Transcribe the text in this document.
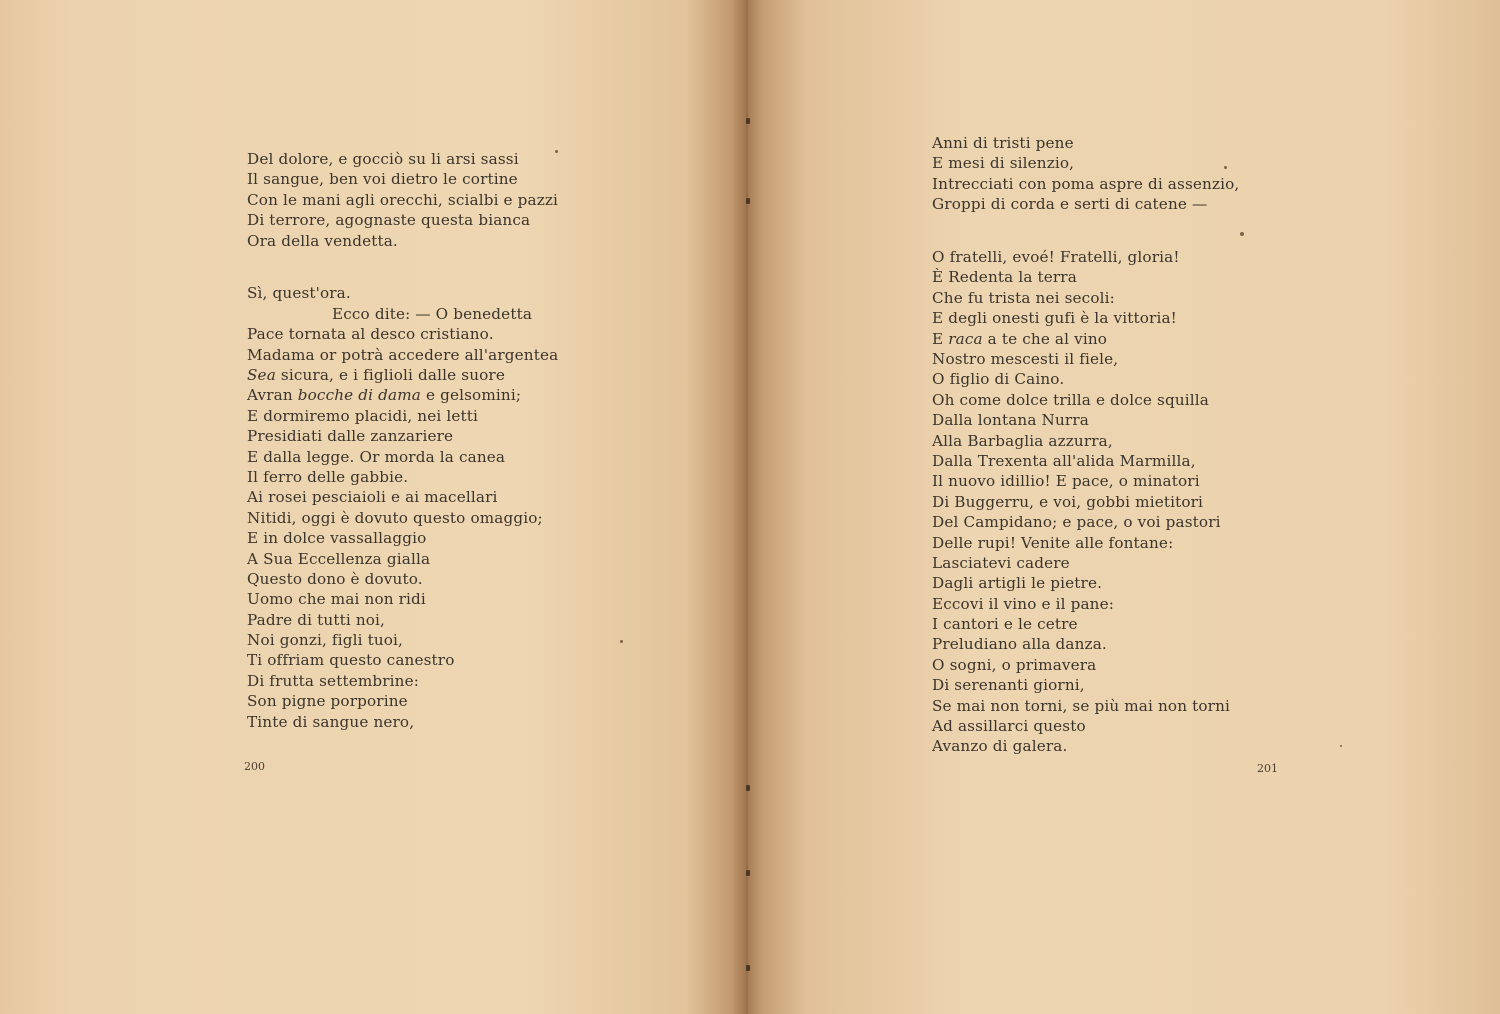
Del dolore, e gocciò su li arsi sassi
Il sangue, ben voi dietro le cortine
Con le mani agli orecchi, scialbi e pazzi
Di terrore, agognaste questa bianca
Ora della vendetta.
Sì, quest'ora.
Ecco dite: — O benedetta
Pace tornata al desco cristiano.
Madama or potrà accedere all'argentea
Sea sicura, e i figlioli dalle suore
Avran bocche di dama e gelsomini;
E dormiremo placidi, nei letti
Presidiati dalle zanzariere
E dalla legge. Or morda la canea
Il ferro delle gabbie.
Ai rosei pesciaioli e ai macellari
Nitidi, oggi è dovuto questo omaggio;
E in dolce vassallaggio
A Sua Eccellenza gialla
Questo dono è dovuto.
Uomo che mai non ridi
Padre di tutti noi,
Noi gonzi, figli tuoi,
Ti offriam questo canestro
Di frutta settembrine:
Son pigne porporine
Tinte di sangue nero,
200
Anni di tristi pene
E mesi di silenzio,
Intrecciati con poma aspre di assenzio,
Groppi di corda e serti di catene —
O fratelli, evoé! Fratelli, gloria!
È Redenta la terra
Che fu trista nei secoli:
E degli onesti gufi è la vittoria!
E raca a te che al vino
Nostro mescesti il fiele,
O figlio di Caino.
Oh come dolce trilla e dolce squilla
Dalla lontana Nurra
Alla Barbaglia azzurra,
Dalla Trexenta all'alida Marmilla,
Il nuovo idillio! E pace, o minatori
Di Buggerru, e voi, gobbi mietitori
Del Campidano; e pace, o voi pastori
Delle rupi! Venite alle fontane:
Lasciatevi cadere
Dagli artigli le pietre.
Eccovi il vino e il pane:
I cantori e le cetre
Preludiano alla danza.
O sogni, o primavera
Di serenanti giorni,
Se mai non torni, se più mai non torni
Ad assillarci questo
Avanzo di galera.
201
